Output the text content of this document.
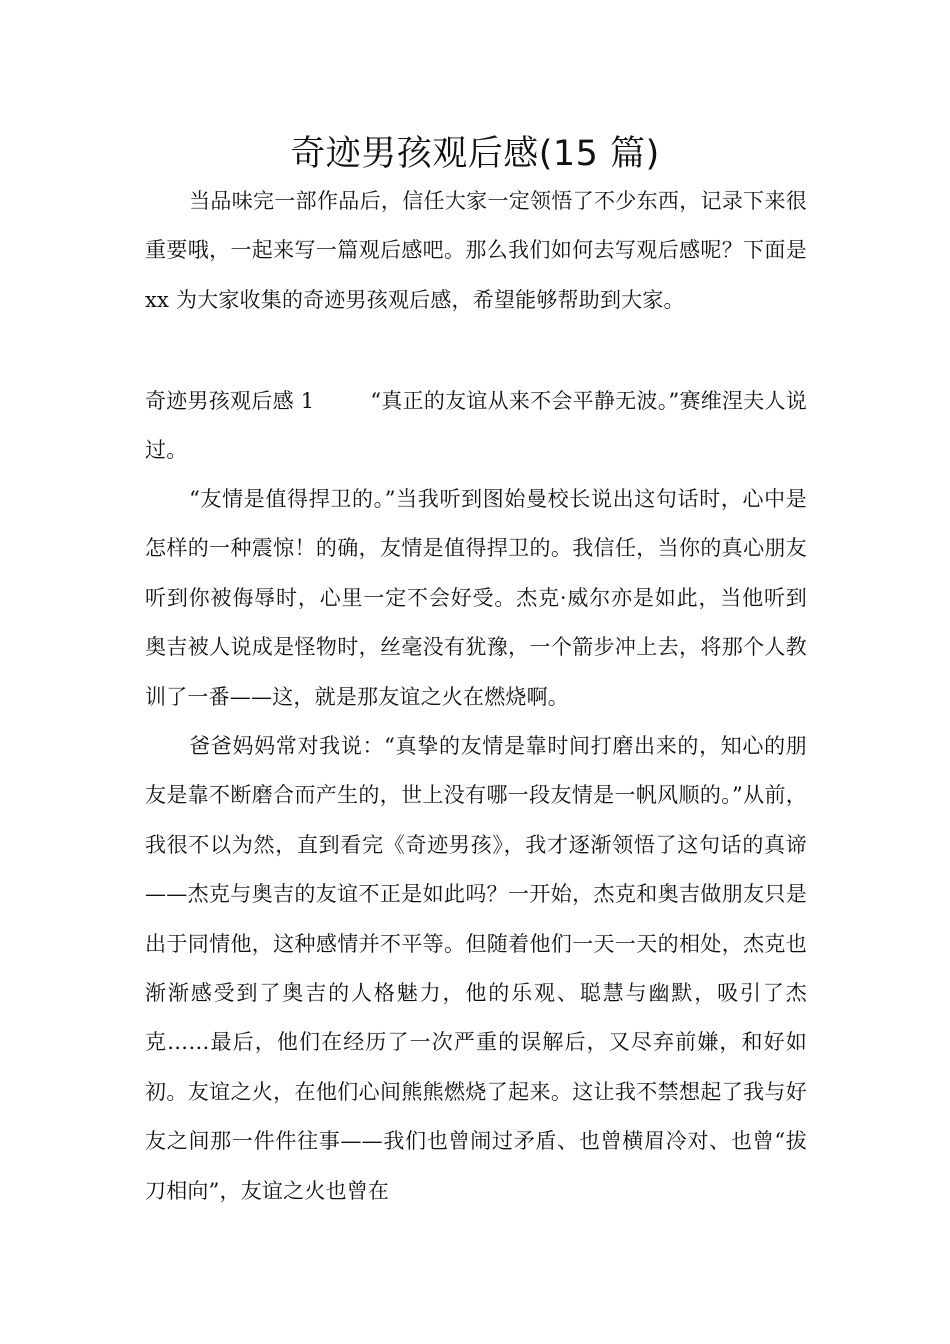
奇迹男孩观后感(15 篇)

当品味完一部作品后，信任大家一定领悟了不少东西，记录下来很重要哦，一起来写一篇观后感吧。那么我们如何去写观后感呢？下面是 xx 为大家收集的奇迹男孩观后感，希望能够帮助到大家。

奇迹男孩观后感 1	“真正的友谊从来不会平静无波。”赛维涅夫人说过。

“友情是值得捍卫的。”当我听到图始曼校长说出这句话时，心中是怎样的一种震惊！的确，友情是值得捍卫的。我信任，当你的真心朋友听到你被侮辱时，心里一定不会好受。杰克·威尔亦是如此，当他听到奥吉被人说成是怪物时，丝毫没有犹豫，一个箭步冲上去，将那个人教训了一番——这，就是那友谊之火在燃烧啊。

爸爸妈妈常对我说：“真挚的友情是靠时间打磨出来的，知心的朋友是靠不断磨合而产生的，世上没有哪一段友情是一帆风顺的。”从前，我很不以为然，直到看完《奇迹男孩》，我才逐渐领悟了这句话的真谛——杰克与奥吉的友谊不正是如此吗？一开始，杰克和奥吉做朋友只是出于同情他，这种感情并不平等。但随着他们一天一天的相处，杰克也渐渐感受到了奥吉的人格魅力，他的乐观、聪慧与幽默，吸引了杰克……最后，他们在经历了一次严重的误解后，又尽弃前嫌，和好如初。友谊之火，在他们心间熊熊燃烧了起来。这让我不禁想起了我与好友之间那一件件往事——我们也曾闹过矛盾、也曾横眉冷对、也曾“拔刀相向”，友谊之火也曾在
